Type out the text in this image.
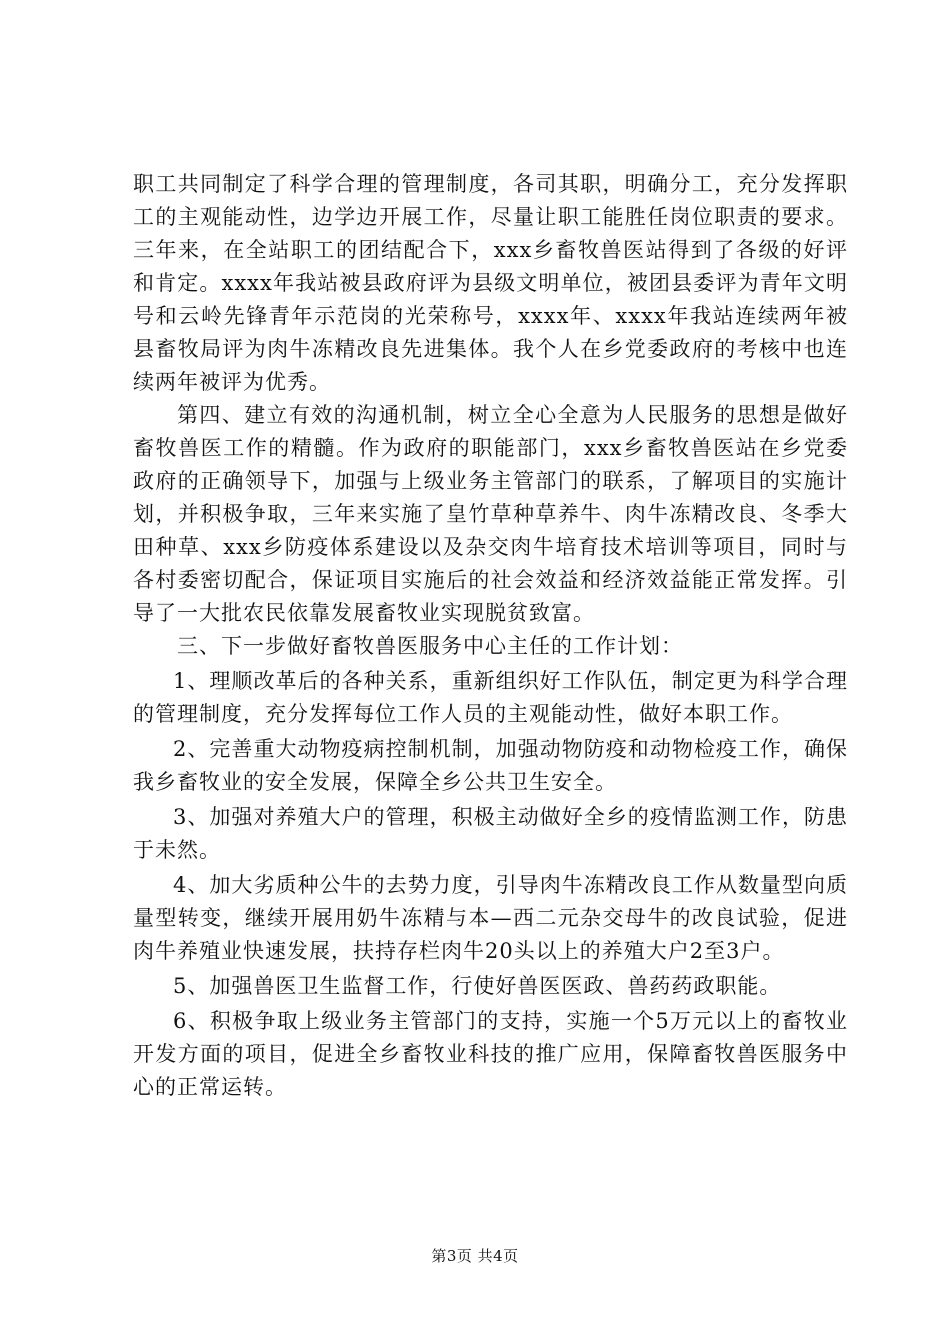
职工共同制定了科学合理的管理制度，各司其职，明确分工，充分发挥职工的主观能动性，边学边开展工作，尽量让职工能胜任岗位职责的要求。三年来，在全站职工的团结配合下，xxx乡畜牧兽医站得到了各级的好评和肯定。xxxx年我站被县政府评为县级文明单位，被团县委评为青年文明号和云岭先锋青年示范岗的光荣称号，xxxx年、xxxx年我站连续两年被县畜牧局评为肉牛冻精改良先进集体。我个人在乡党委政府的考核中也连续两年被评为优秀。

第四、建立有效的沟通机制，树立全心全意为人民服务的思想是做好畜牧兽医工作的精髓。作为政府的职能部门，xxx乡畜牧兽医站在乡党委政府的正确领导下，加强与上级业务主管部门的联系，了解项目的实施计划，并积极争取，三年来实施了皇竹草种草养牛、肉牛冻精改良、冬季大田种草、xxx乡防疫体系建设以及杂交肉牛培育技术培训等项目，同时与各村委密切配合，保证项目实施后的社会效益和经济效益能正常发挥。引导了一大批农民依靠发展畜牧业实现脱贫致富。

三、下一步做好畜牧兽医服务中心主任的工作计划：

1、理顺改革后的各种关系，重新组织好工作队伍，制定更为科学合理的管理制度，充分发挥每位工作人员的主观能动性，做好本职工作。

2、完善重大动物疫病控制机制，加强动物防疫和动物检疫工作，确保我乡畜牧业的安全发展，保障全乡公共卫生安全。

3、加强对养殖大户的管理，积极主动做好全乡的疫情监测工作，防患于未然。

4、加大劣质种公牛的去势力度，引导肉牛冻精改良工作从数量型向质量型转变，继续开展用奶牛冻精与本—西二元杂交母牛的改良试验，促进肉牛养殖业快速发展，扶持存栏肉牛20头以上的养殖大户2至3户。

5、加强兽医卫生监督工作，行使好兽医医政、兽药药政职能。

6、积极争取上级业务主管部门的支持，实施一个5万元以上的畜牧业开发方面的项目，促进全乡畜牧业科技的推广应用，保障畜牧兽医服务中心的正常运转。

第3页 共4页
